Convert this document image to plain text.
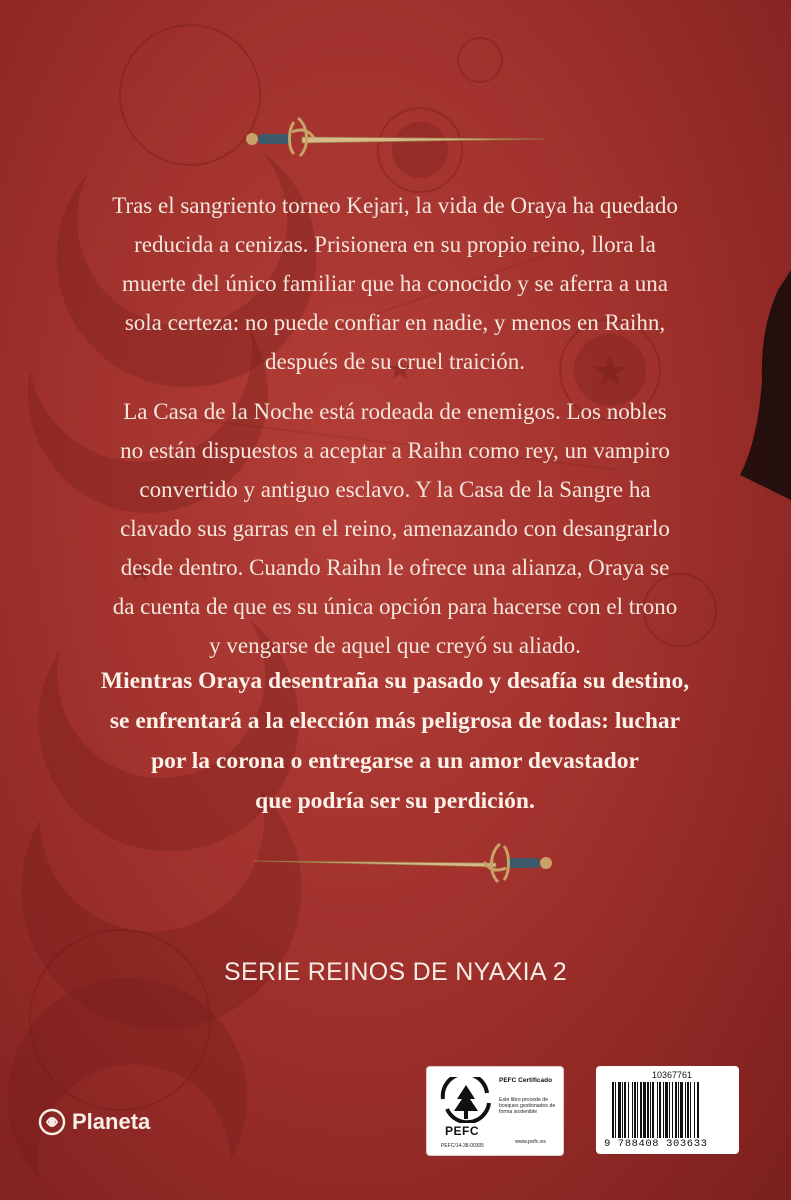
Tras el sangriento torneo Kejari, la vida de Oraya ha quedado
reducida a cenizas. Prisionera en su propio reino, llora la
muerte del único familiar que ha conocido y se aferra a una
sola certeza: no puede confiar en nadie, y menos en Raihn,
después de su cruel traición.

La Casa de la Noche está rodeada de enemigos. Los nobles
no están dispuestos a aceptar a Raihn como rey, un vampiro
convertido y antiguo esclavo. Y la Casa de la Sangre ha
clavado sus garras en el reino, amenazando con desangrarlo
desde dentro. Cuando Raihn le ofrece una alianza, Oraya se
da cuenta de que es su única opción para hacerse con el trono
y vengarse de aquel que creyó su aliado.

Mientras Oraya desentraña su pasado y desafía su destino,
se enfrentará a la elección más peligrosa de todas: luchar
por la corona o entregarse a un amor devastador
que podría ser su perdición.

SERIE REINOS DE NYAXIA 2
Planeta	PEFC
PEFC Certificado
Este libro procede de bosques gestionados de forma sostenible
PEFC/14-38-00305
www.pefc.es
10367761
9 788408 303633
